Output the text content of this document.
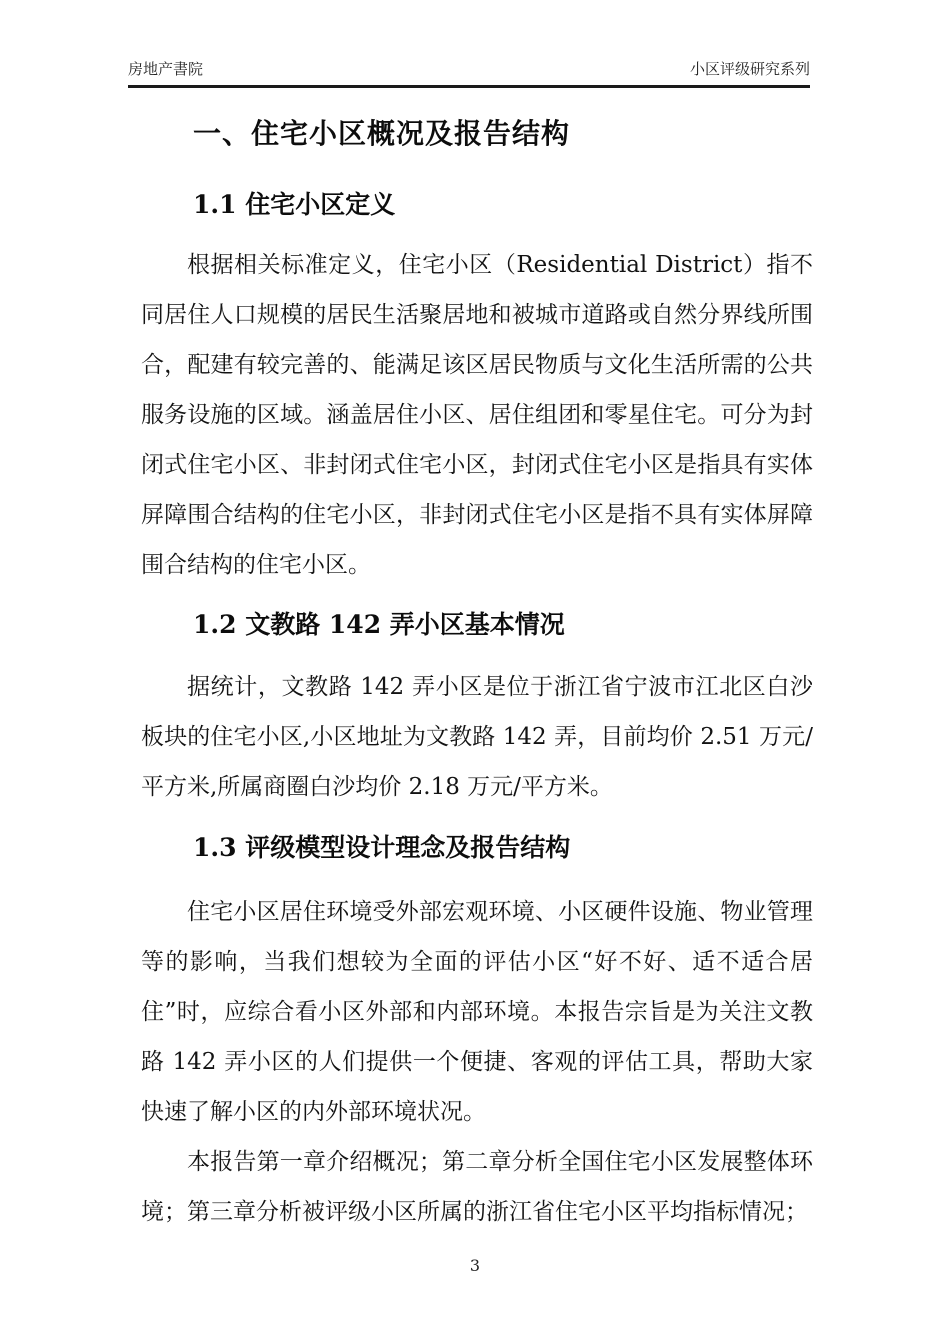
房地产書院	小区评级研究系列
一、住宅小区概况及报告结构
1.1 住宅小区定义

根据相关标准定义，住宅小区（Residential District）指不同居住人口规模的居民生活聚居地和被城市道路或自然分界线所围合，配建有较完善的、能满足该区居民物质与文化生活所需的公共服务设施的区域。涵盖居住小区、居住组团和零星住宅。可分为封闭式住宅小区、非封闭式住宅小区，封闭式住宅小区是指具有实体屏障围合结构的住宅小区，非封闭式住宅小区是指不具有实体屏障围合结构的住宅小区。

1.2 文教路 142 弄小区基本情况

据统计，文教路 142 弄小区是位于浙江省宁波市江北区白沙板块的住宅小区,小区地址为文教路 142 弄，目前均价 2.51 万元/平方米,所属商圈白沙均价 2.18 万元/平方米。

1.3 评级模型设计理念及报告结构

住宅小区居住环境受外部宏观环境、小区硬件设施、物业管理等的影响，当我们想较为全面的评估小区“好不好、适不适合居住”时，应综合看小区外部和内部环境。本报告宗旨是为关注文教路 142 弄小区的人们提供一个便捷、客观的评估工具，帮助大家快速了解小区的内外部环境状况。

本报告第一章介绍概况；第二章分析全国住宅小区发展整体环境；第三章分析被评级小区所属的浙江省住宅小区平均指标情况；

3
